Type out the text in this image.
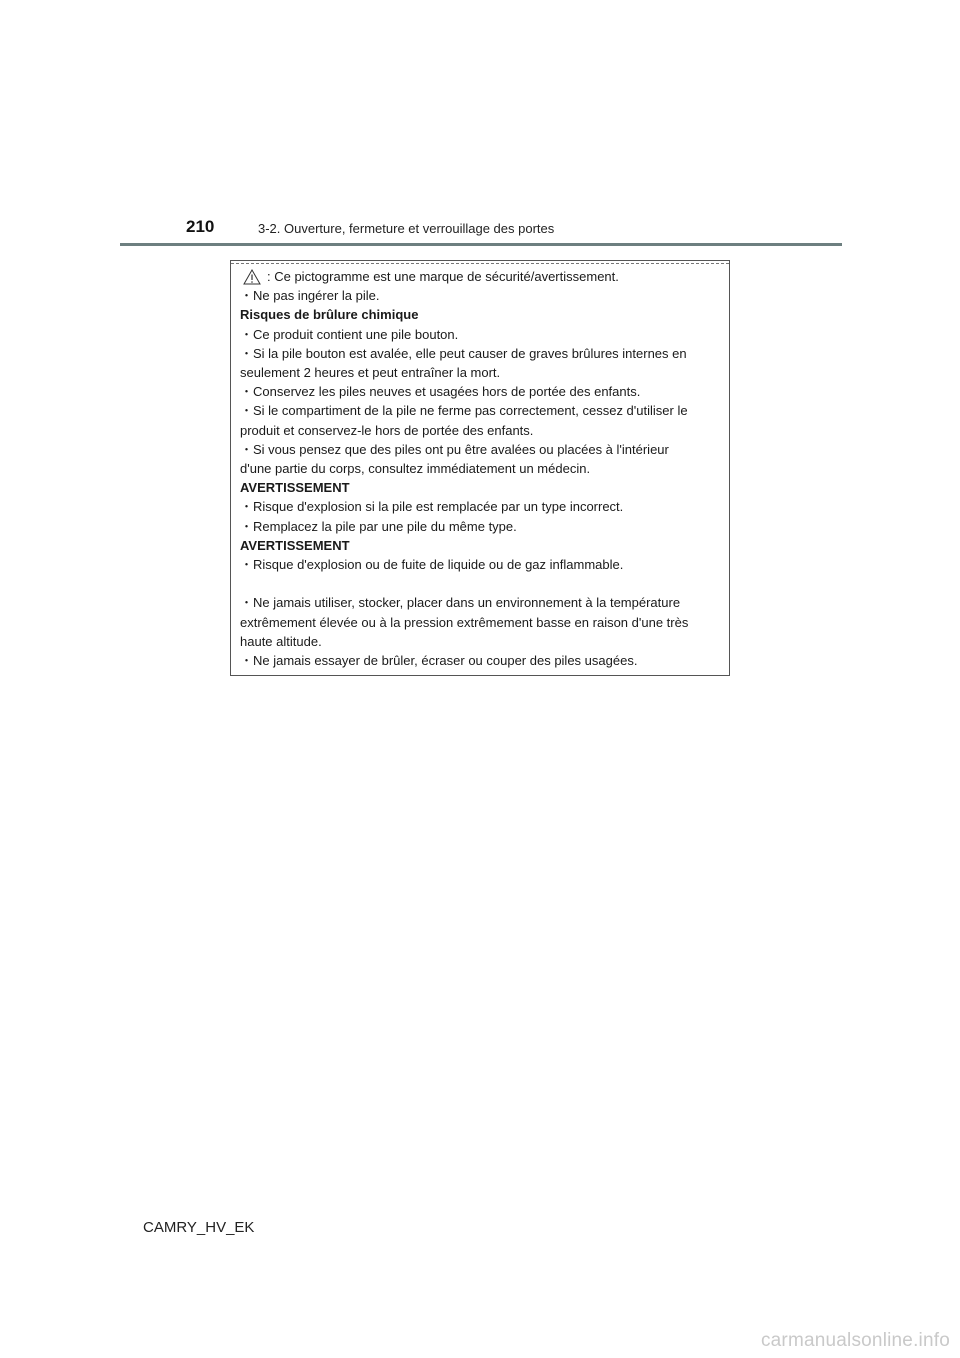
210	3-2. Ouverture, fermeture et verrouillage des portes
: Ce pictogramme est une marque de sécurité/avertissement.
・Ne pas ingérer la pile.
Risques de brûlure chimique
・Ce produit contient une pile bouton.
・Si la pile bouton est avalée, elle peut causer de graves brûlures internes en
seulement 2 heures et peut entraîner la mort.
・Conservez les piles neuves et usagées hors de portée des enfants.
・Si le compartiment de la pile ne ferme pas correctement, cessez d'utiliser le
produit et conservez-le hors de portée des enfants.
・Si vous pensez que des piles ont pu être avalées ou placées à l'intérieur
d'une partie du corps, consultez immédiatement un médecin.
AVERTISSEMENT
・Risque d'explosion si la pile est remplacée par un type incorrect.
・Remplacez la pile par une pile du même type.
AVERTISSEMENT
・Risque d'explosion ou de fuite de liquide ou de gaz inflammable.
・Ne jamais utiliser, stocker, placer dans un environnement à la température
extrêmement élevée ou à la pression extrêmement basse en raison d'une très
haute altitude.
・Ne jamais essayer de brûler, écraser ou couper des piles usagées.
CAMRY_HV_EK
carmanualsonline.info
